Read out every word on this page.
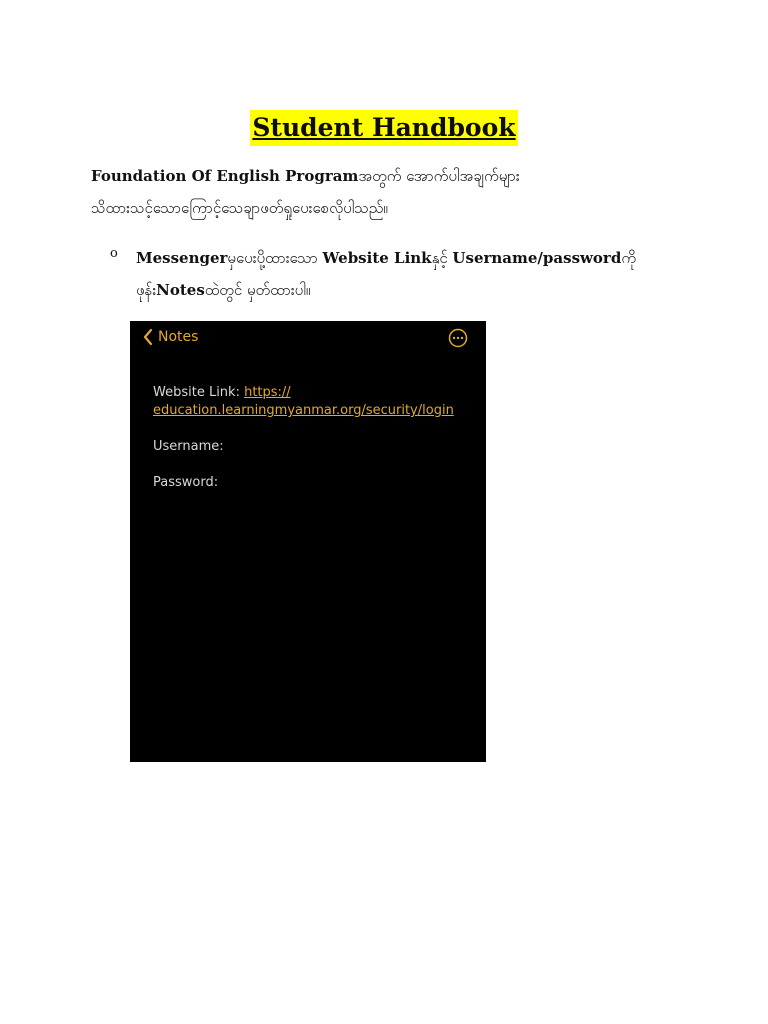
Student Handbook
Foundation Of English Programအတွက် အောက်ပါအချက်များ
သိထားသင့်သောကြောင့်သေချာဖတ်ရှုပေးစေလိုပါသည်။
o Messengerမှပေးပို့ထားသော Website Linkနှင့် Username/passwordကို
ဖုန်းNotesထဲတွင် မှတ်ထားပါ။
Notes

Website Link: https://

education.learningmyanmar.org/security/login

Username:

Password:
